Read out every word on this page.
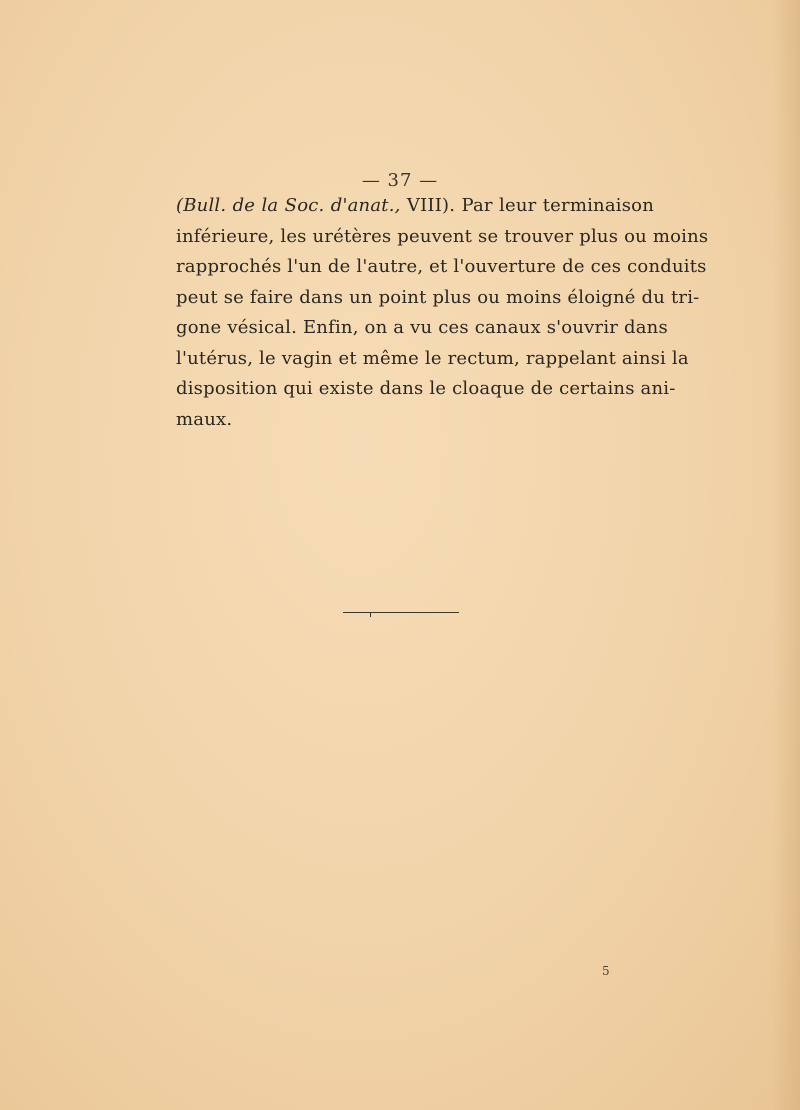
— 37 —
(Bull. de la Soc. d'anat., VIII). Par leur terminaison
inférieure, les urétères peuvent se trouver plus ou moins
rapprochés l'un de l'autre, et l'ouverture de ces conduits
peut se faire dans un point plus ou moins éloigné du tri-
gone vésical. Enfin, on a vu ces canaux s'ouvrir dans
l'utérus, le vagin et même le rectum, rappelant ainsi la
disposition qui existe dans le cloaque de certains ani-
maux.
5
